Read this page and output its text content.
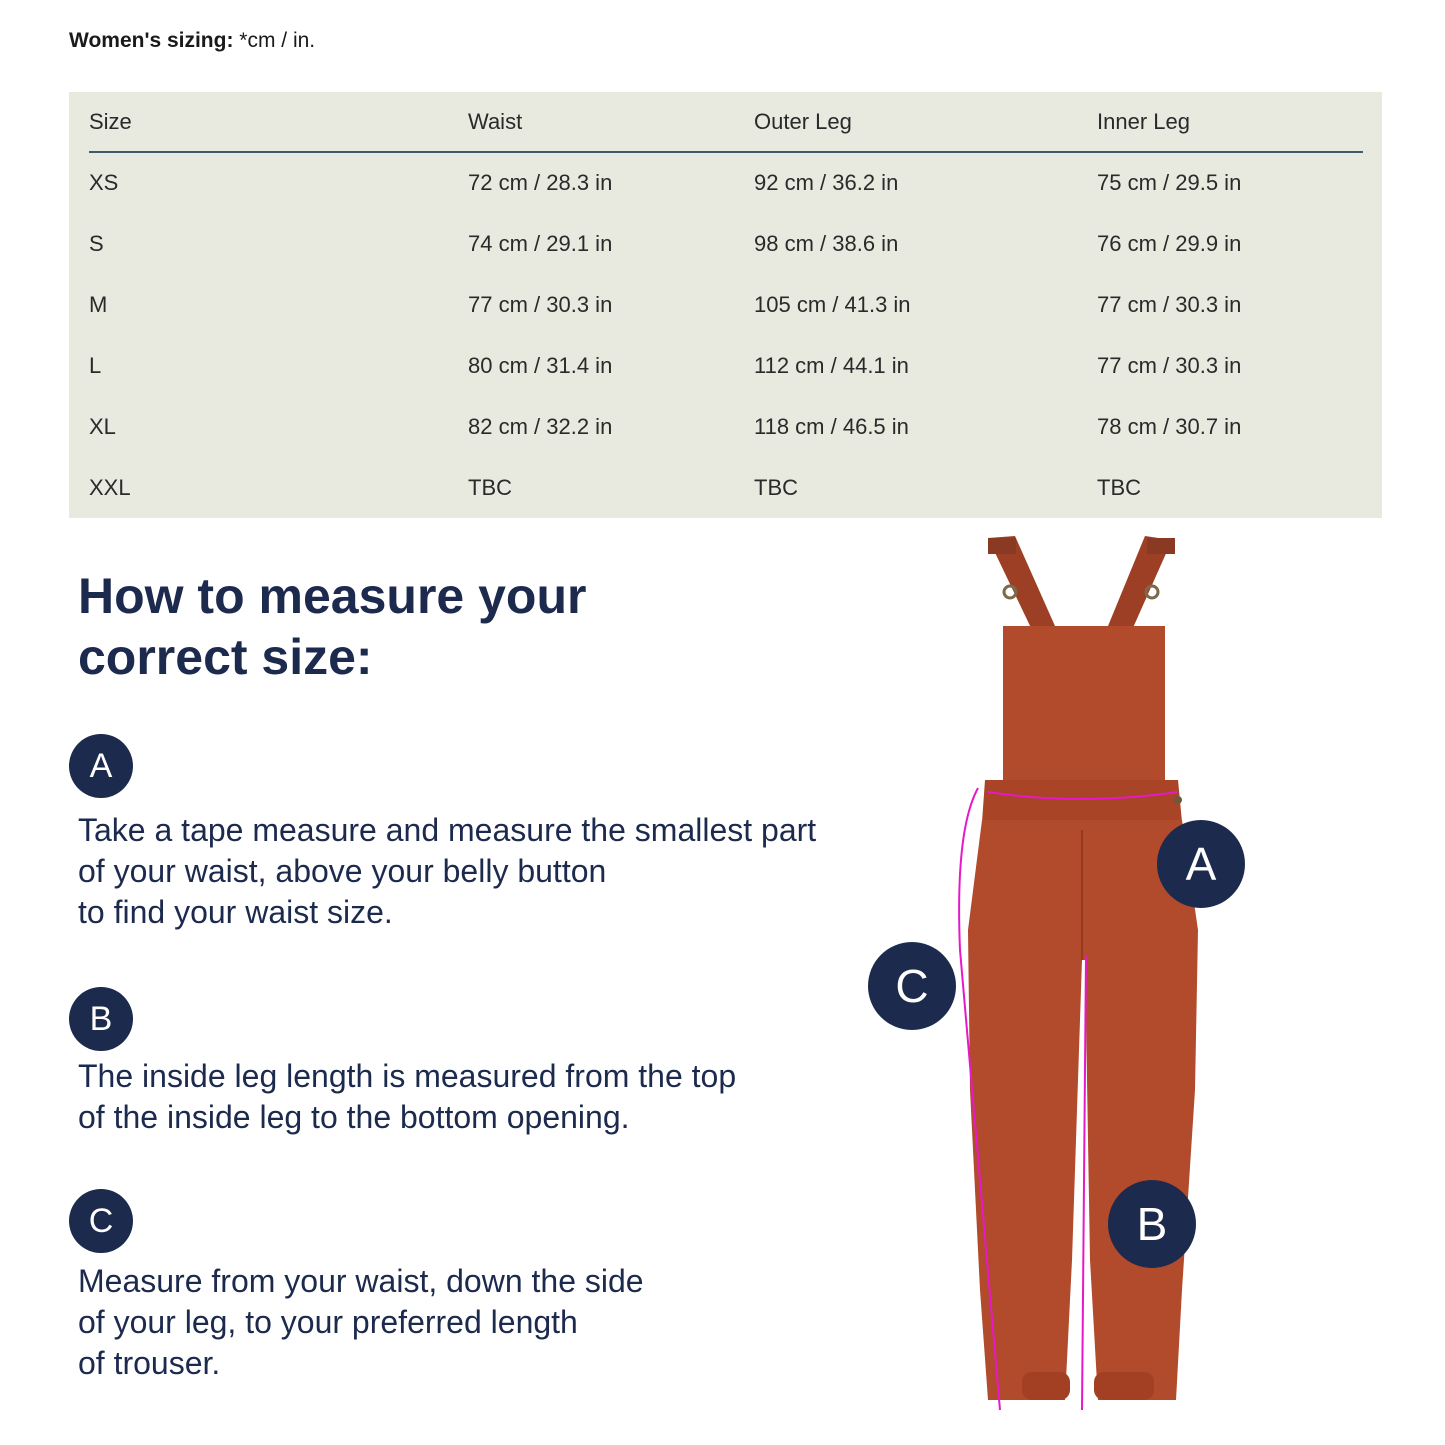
Women's sizing: *cm / in.
Size	Waist	Outer Leg	Inner Leg
XS	72 cm / 28.3 in	92 cm / 36.2 in	75 cm / 29.5 in
S	74 cm / 29.1 in	98 cm / 38.6 in	76 cm / 29.9 in
M	77 cm / 30.3 in	105 cm / 41.3 in	77 cm / 30.3 in
L	80 cm / 31.4 in	112 cm / 44.1 in	77 cm / 30.3 in
XL	82 cm / 32.2 in	118 cm / 46.5 in	78 cm / 30.7 in
XXL	TBC	TBC	TBC
How to measure your
correct size:
A
Take a tape measure and measure the smallest part
of your waist, above your belly button
to find your waist size.
B
The inside leg length is measured from the top
of the inside leg to the bottom opening.
C
Measure from your waist, down the side
of your leg, to your preferred length
of trouser.
A
B
C
